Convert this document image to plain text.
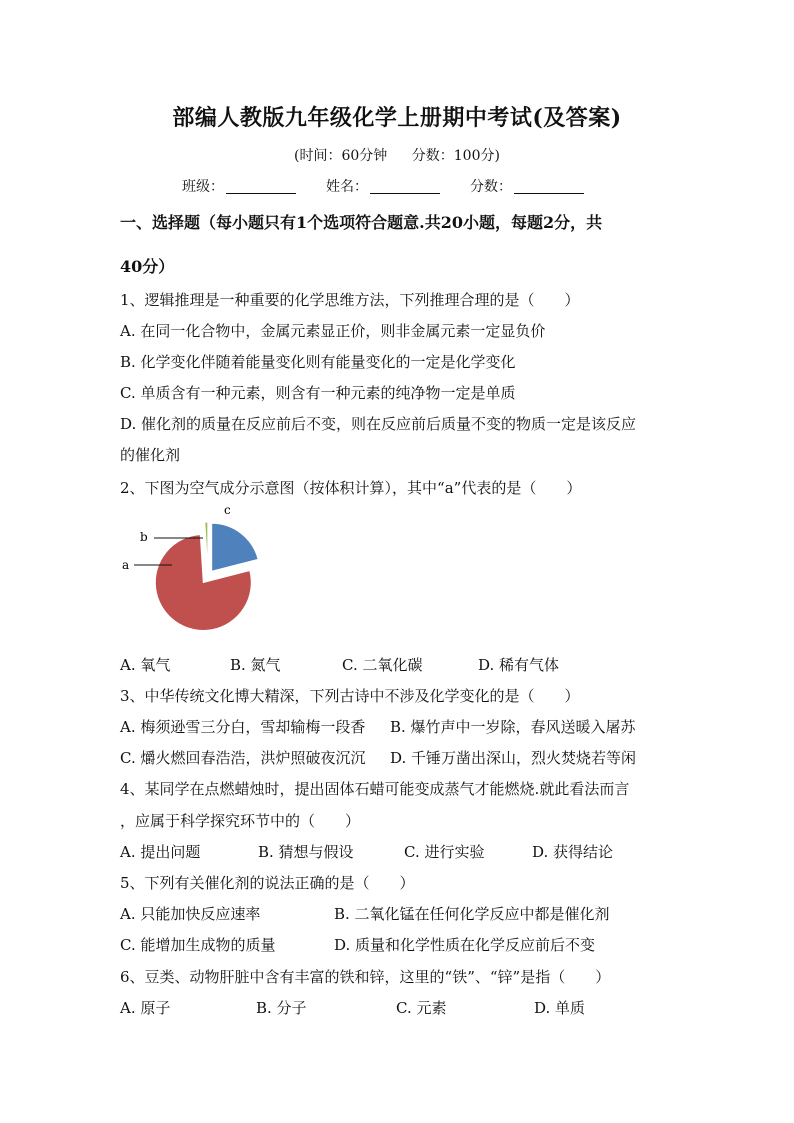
部编人教版九年级化学上册期中考试(及答案)
(时间：60分钟 分数：100分)
班级：	姓名：	分数：
一、选择题（每小题只有1个选项符合题意.共20小题，每题2分，共
40分）
1、逻辑推理是一种重要的化学思维方法，下列推理合理的是（　　）
A. 在同一化合物中，金属元素显正价，则非金属元素一定显负价
B. 化学变化伴随着能量变化则有能量变化的一定是化学变化
C. 单质含有一种元素，则含有一种元素的纯净物一定是单质
D. 催化剂的质量在反应前后不变，则在反应前后质量不变的物质一定是该反应
的催化剂
2、下图为空气成分示意图（按体积计算），其中“a”代表的是（　　）
a
b
c
A. 氧气	B. 氮气	C. 二氧化碳	D. 稀有气体
3、中华传统文化博大精深，下列古诗中不涉及化学变化的是（　　）
A. 梅须逊雪三分白，雪却输梅一段香 B. 爆竹声中一岁除，春风送暖入屠苏
C. 爝火燃回春浩浩，洪炉照破夜沉沉 D. 千锤万凿出深山，烈火焚烧若等闲
4、某同学在点燃蜡烛时，提出固体石蜡可能变成蒸气才能燃烧.就此看法而言
，应属于科学探究环节中的（　　）
A. 提出问题	B. 猜想与假设	C. 进行实验	D. 获得结论
5、下列有关催化剂的说法正确的是（　　）
A. 只能加快反应速率	B. 二氧化锰在任何化学反应中都是催化剂
C. 能增加生成物的质量	D. 质量和化学性质在化学反应前后不变
6、豆类、动物肝脏中含有丰富的铁和锌，这里的“铁”、“锌”是指（　　）
A. 原子	B. 分子	C. 元素	D. 单质
